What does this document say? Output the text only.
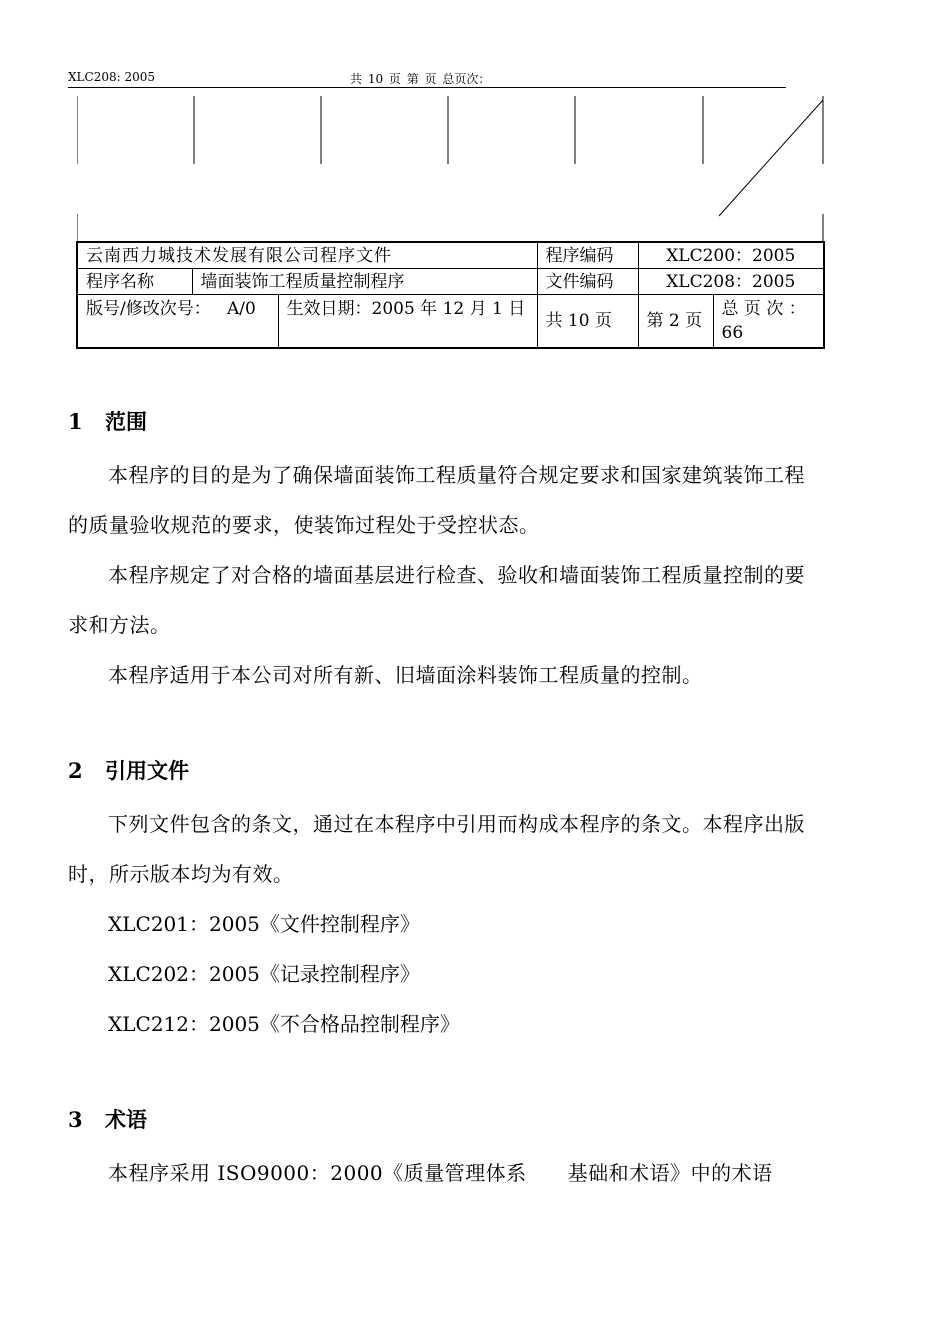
XLC208: 2005	共 10 页 第 页 总页次：
云南西力城技术发展有限公司程序文件			程序编码	XLC200：2005	
程序名称	墙面装饰工程质量控制程序		文件编码	XLC208：2005	
版号/修改次号： A/0		生效日期：2005 年 12 月 1 日	共 10 页	第 2 页	总 页 次 ：
66
1 范围

本程序的目的是为了确保墙面装饰工程质量符合规定要求和国家建筑装饰工程的质量验收规范的要求，使装饰过程处于受控状态。

本程序规定了对合格的墙面基层进行检查、验收和墙面装饰工程质量控制的要求和方法。

本程序适用于本公司对所有新、旧墙面涂料装饰工程质量的控制。

2 引用文件

下列文件包含的条文，通过在本程序中引用而构成本程序的条文。本程序出版时，所示版本均为有效。

XLC201：2005《文件控制程序》

XLC202：2005《记录控制程序》

XLC212：2005《不合格品控制程序》

3 术语

本程序采用 ISO9000：2000《质量管理体系　　基础和术语》中的术语
